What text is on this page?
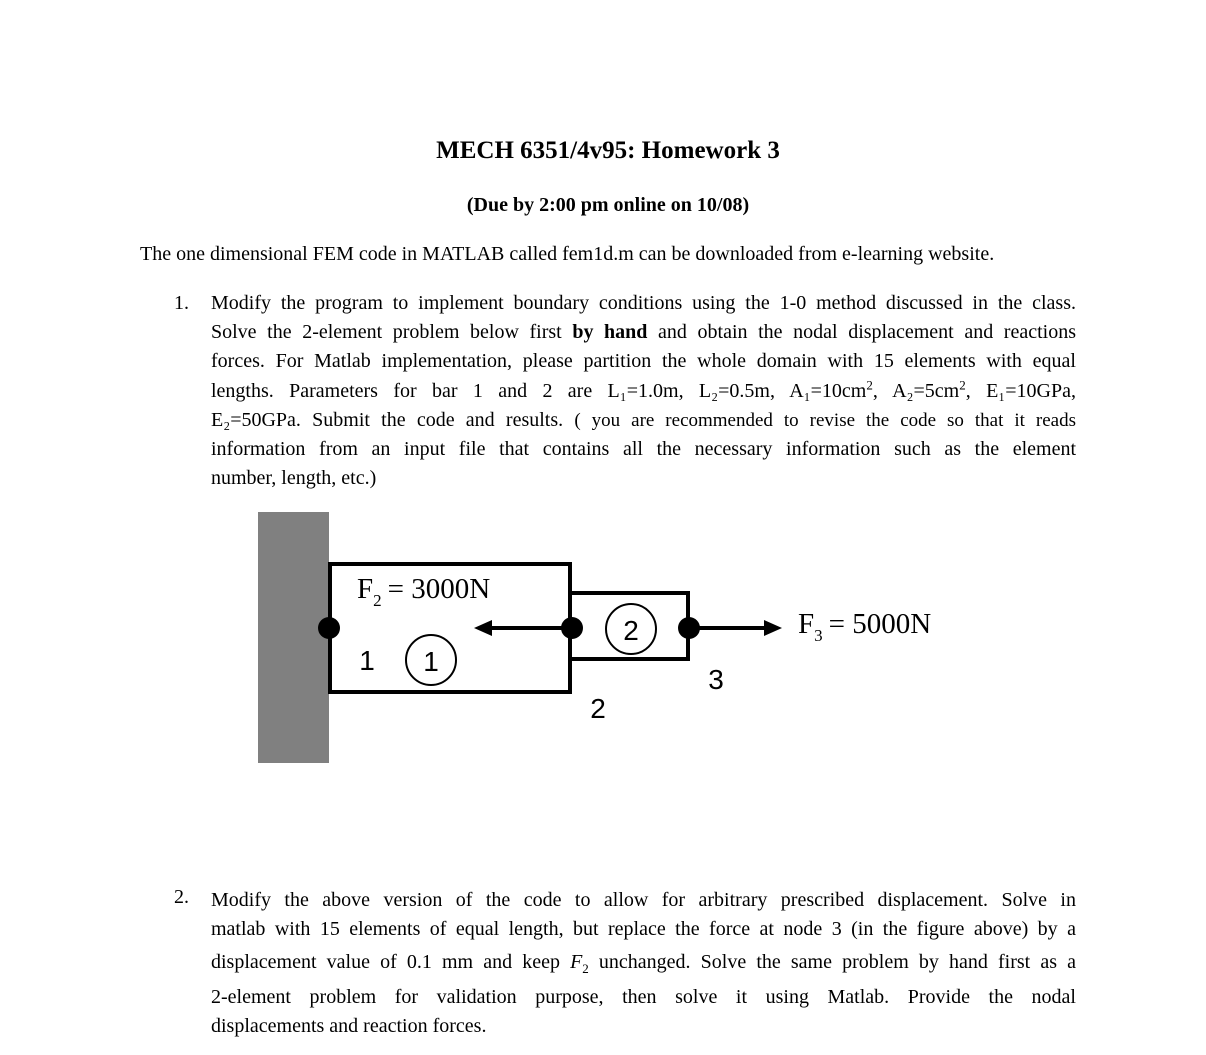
MECH 6351/4v95: Homework 3
(Due by 2:00 pm online on 10/08)
The one dimensional FEM code in MATLAB called fem1d.m can be downloaded from e-learning website.
1. Modify the program to implement boundary conditions using the 1-0 method discussed in the class.
Solve the 2-element problem below first by hand and obtain the nodal displacement and reactions
forces. For Matlab implementation, please partition the whole domain with 15 elements with equal
lengths. Parameters for bar 1 and 2 are L₁=1.0m, L₂=0.5m, $A_1=10cm^2$, $A_2=5cm^2$, E₁=10GPa,
E₂=50GPa. Submit the code and results. ( you are recommended to revise the code so that it reads
information from an input file that contains all the necessary information such as the element
number, length, etc.)
1
2
1
2
3
$F_2 = 3000N$
$F_3 = 5000N$
2. Modify the above version of the code to allow for arbitrary prescribed displacement. Solve in
matlab with 15 elements of equal length, but replace the force at node 3 (in the figure above) by a
displacement value of 0.1 mm and keep $F_2$ unchanged. Solve the same problem by hand first as a
2-element problem for validation purpose, then solve it using Matlab. Provide the nodal
displacements and reaction forces.
